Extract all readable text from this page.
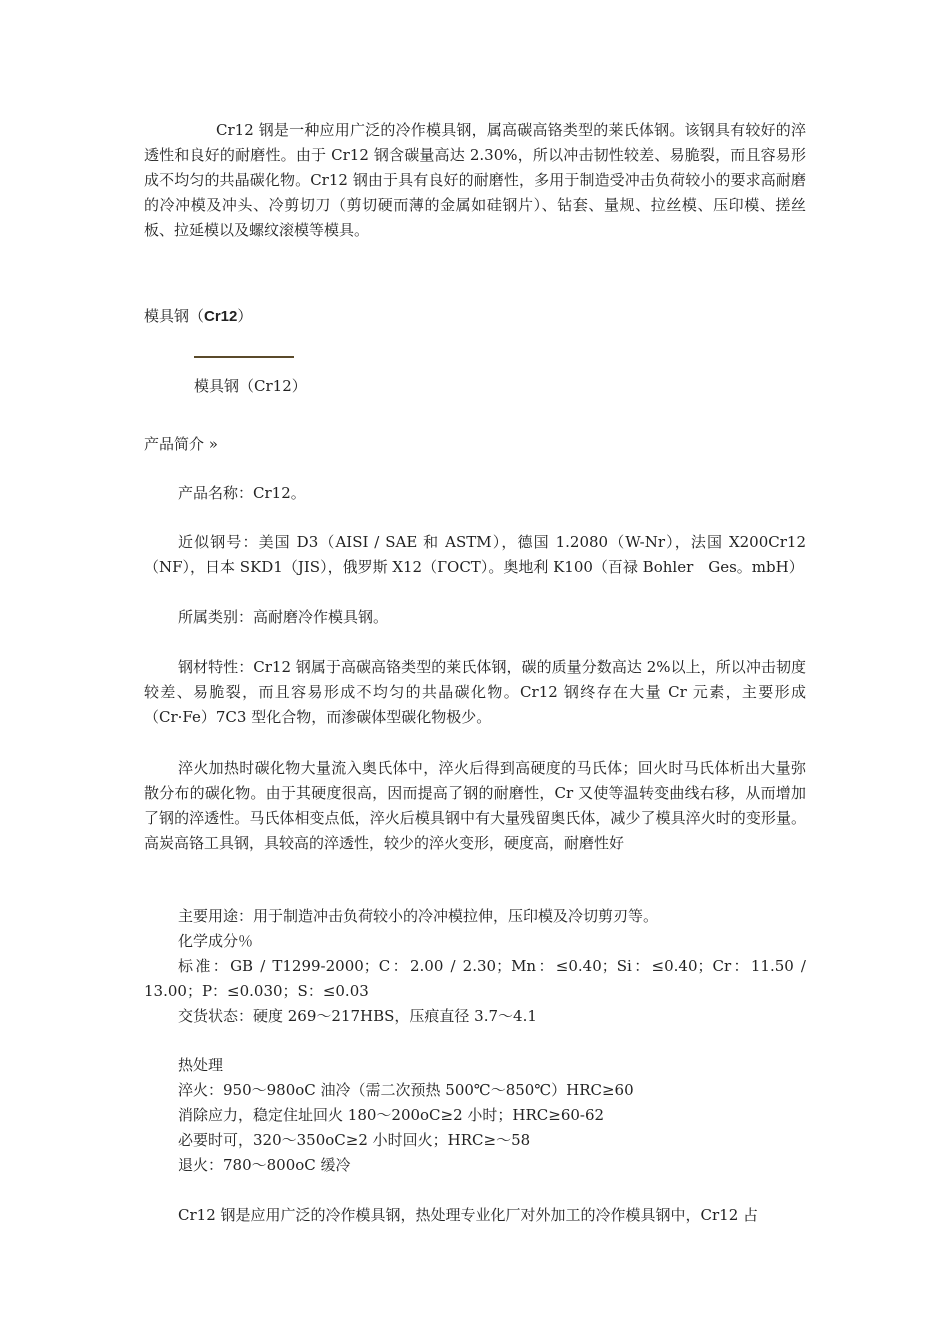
Cr12 钢是一种应用广泛的冷作模具钢，属高碳高铬类型的莱氏体钢。该钢具有较好的淬透性和良好的耐磨性。由于 Cr12 钢含碳量高达 2.30%，所以冲击韧性较差、易脆裂，而且容易形成不均匀的共晶碳化物。Cr12 钢由于具有良好的耐磨性，多用于制造受冲击负荷较小的要求高耐磨的冷冲模及冲头、冷剪切刀（剪切硬而薄的金属如硅钢片）、钻套、量规、拉丝模、压印模、搓丝板、拉延模以及螺纹滚模等模具。

模具钢（Cr12）

模具钢（Cr12）

产品简介 »

产品名称：Cr12。

近似钢号：美国 D3（AISI / SAE 和 ASTM），德国 1.2080（W-Nr），法国 X200Cr12（NF），日本 SKD1（JIS），俄罗斯 X12（ГОСТ）。奥地利 K100（百禄 Bohler　Ges。mbH）

所属类别：高耐磨冷作模具钢。

钢材特性：Cr12 钢属于高碳高铬类型的莱氏体钢，碳的质量分数高达 2%以上，所以冲击韧度较差、易脆裂，而且容易形成不均匀的共晶碳化物。Cr12 钢终存在大量 Cr 元素，主要形成（Cr·Fe）7C3 型化合物，而渗碳体型碳化物极少。

淬火加热时碳化物大量流入奥氏体中，淬火后得到高硬度的马氏体；回火时马氏体析出大量弥散分布的碳化物。由于其硬度很高，因而提高了钢的耐磨性，Cr 又使等温转变曲线右移，从而增加了钢的淬透性。马氏体相变点低，淬火后模具钢中有大量残留奥氏体，减少了模具淬火时的变形量。高炭高铬工具钢，具较高的淬透性，较少的淬火变形，硬度高，耐磨性好

主要用途：用于制造冲击负荷较小的冷冲模拉伸，压印模及冷切剪刃等。

化学成分％

标准：GB / T1299-2000；C：2.00 / 2.30；Mn：≤0.40；Si：≤0.40；Cr：11.50 / 13.00；P：≤0.030；S：≤0.03

交货状态：硬度 269～217HBS，压痕直径 3.7～4.1

热处理

淬火：950～980oC 油冷（需二次预热 500℃～850℃）HRC≥60

消除应力，稳定住址回火 180～200oC≥2 小时；HRC≥60-62

必要时可，320～350oC≥2 小时回火；HRC≥～58

退火：780～800oC 缓冷

Cr12 钢是应用广泛的冷作模具钢，热处理专业化厂对外加工的冷作模具钢中，Cr12 占
